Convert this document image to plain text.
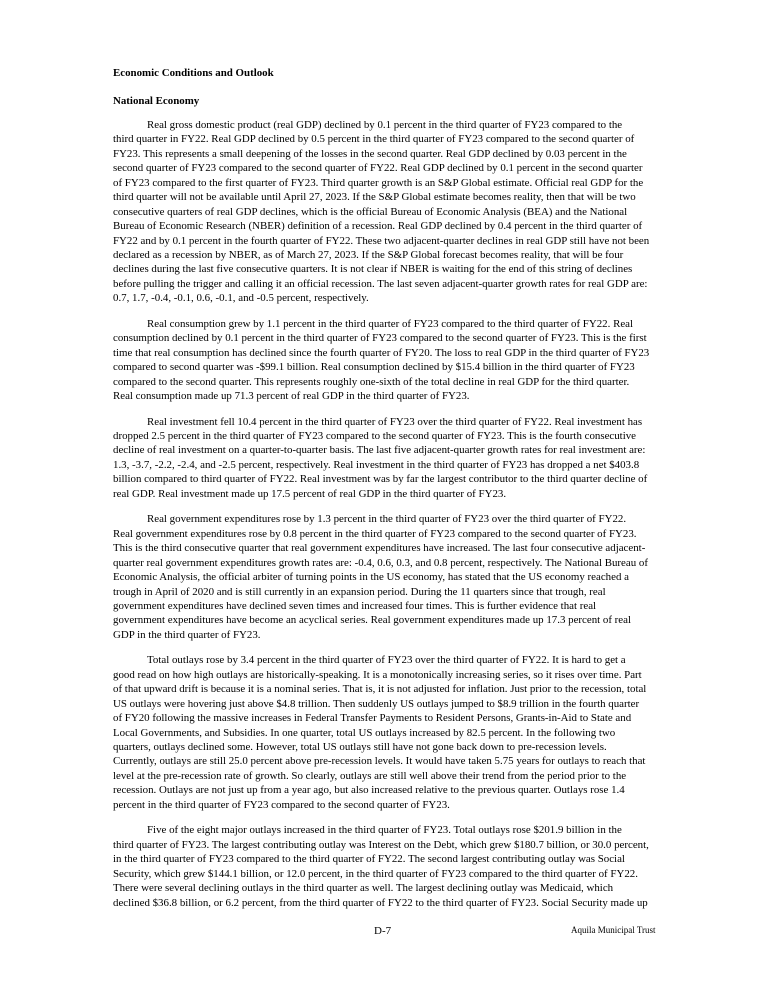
Economic Conditions and Outlook
National Economy
Real gross domestic product (real GDP) declined by 0.1 percent in the third quarter of FY23 compared to the
third quarter in FY22. Real GDP declined by 0.5 percent in the third quarter of FY23 compared to the second quarter of
FY23. This represents a small deepening of the losses in the second quarter. Real GDP declined by 0.03 percent in the
second quarter of FY23 compared to the second quarter of FY22. Real GDP declined by 0.1 percent in the second quarter
of FY23 compared to the first quarter of FY23. Third quarter growth is an S&P Global estimate. Official real GDP for the
third quarter will not be available until April 27, 2023. If the S&P Global estimate becomes reality, then that will be two
consecutive quarters of real GDP declines, which is the official Bureau of Economic Analysis (BEA) and the National
Bureau of Economic Research (NBER) definition of a recession. Real GDP declined by 0.4 percent in the third quarter of
FY22 and by 0.1 percent in the fourth quarter of FY22. These two adjacent-quarter declines in real GDP still have not been
declared as a recession by NBER, as of March 27, 2023. If the S&P Global forecast becomes reality, that will be four
declines during the last five consecutive quarters. It is not clear if NBER is waiting for the end of this string of declines
before pulling the trigger and calling it an official recession. The last seven adjacent-quarter growth rates for real GDP are:
0.7, 1.7, -0.4, -0.1, 0.6, -0.1, and -0.5 percent, respectively.
Real consumption grew by 1.1 percent in the third quarter of FY23 compared to the third quarter of FY22. Real
consumption declined by 0.1 percent in the third quarter of FY23 compared to the second quarter of FY23. This is the first
time that real consumption has declined since the fourth quarter of FY20. The loss to real GDP in the third quarter of FY23
compared to second quarter was -$99.1 billion. Real consumption declined by $15.4 billion in the third quarter of FY23
compared to the second quarter. This represents roughly one-sixth of the total decline in real GDP for the third quarter.
Real consumption made up 71.3 percent of real GDP in the third quarter of FY23.
Real investment fell 10.4 percent in the third quarter of FY23 over the third quarter of FY22. Real investment has
dropped 2.5 percent in the third quarter of FY23 compared to the second quarter of FY23. This is the fourth consecutive
decline of real investment on a quarter-to-quarter basis. The last five adjacent-quarter growth rates for real investment are:
1.3, -3.7, -2.2, -2.4, and -2.5 percent, respectively. Real investment in the third quarter of FY23 has dropped a net $403.8
billion compared to third quarter of FY22. Real investment was by far the largest contributor to the third quarter decline of
real GDP. Real investment made up 17.5 percent of real GDP in the third quarter of FY23.
Real government expenditures rose by 1.3 percent in the third quarter of FY23 over the third quarter of FY22.
Real government expenditures rose by 0.8 percent in the third quarter of FY23 compared to the second quarter of FY23.
This is the third consecutive quarter that real government expenditures have increased. The last four consecutive adjacent-
quarter real government expenditures growth rates are: -0.4, 0.6, 0.3, and 0.8 percent, respectively. The National Bureau of
Economic Analysis, the official arbiter of turning points in the US economy, has stated that the US economy reached a
trough in April of 2020 and is still currently in an expansion period. During the 11 quarters since that trough, real
government expenditures have declined seven times and increased four times. This is further evidence that real
government expenditures have become an acyclical series. Real government expenditures made up 17.3 percent of real
GDP in the third quarter of FY23.
Total outlays rose by 3.4 percent in the third quarter of FY23 over the third quarter of FY22. It is hard to get a
good read on how high outlays are historically-speaking. It is a monotonically increasing series, so it rises over time. Part
of that upward drift is because it is a nominal series. That is, it is not adjusted for inflation. Just prior to the recession, total
US outlays were hovering just above $4.8 trillion. Then suddenly US outlays jumped to $8.9 trillion in the fourth quarter
of FY20 following the massive increases in Federal Transfer Payments to Resident Persons, Grants-in-Aid to State and
Local Governments, and Subsidies. In one quarter, total US outlays increased by 82.5 percent. In the following two
quarters, outlays declined some. However, total US outlays still have not gone back down to pre-recession levels.
Currently, outlays are still 25.0 percent above pre-recession levels. It would have taken 5.75 years for outlays to reach that
level at the pre-recession rate of growth. So clearly, outlays are still well above their trend from the period prior to the
recession. Outlays are not just up from a year ago, but also increased relative to the previous quarter. Outlays rose 1.4
percent in the third quarter of FY23 compared to the second quarter of FY23.
Five of the eight major outlays increased in the third quarter of FY23. Total outlays rose $201.9 billion in the
third quarter of FY23. The largest contributing outlay was Interest on the Debt, which grew $180.7 billion, or 30.0 percent,
in the third quarter of FY23 compared to the third quarter of FY22. The second largest contributing outlay was Social
Security, which grew $144.1 billion, or 12.0 percent, in the third quarter of FY23 compared to the third quarter of FY22.
There were several declining outlays in the third quarter as well. The largest declining outlay was Medicaid, which
declined $36.8 billion, or 6.2 percent, from the third quarter of FY22 to the third quarter of FY23. Social Security made up
D-7	Aquila Municipal Trust
